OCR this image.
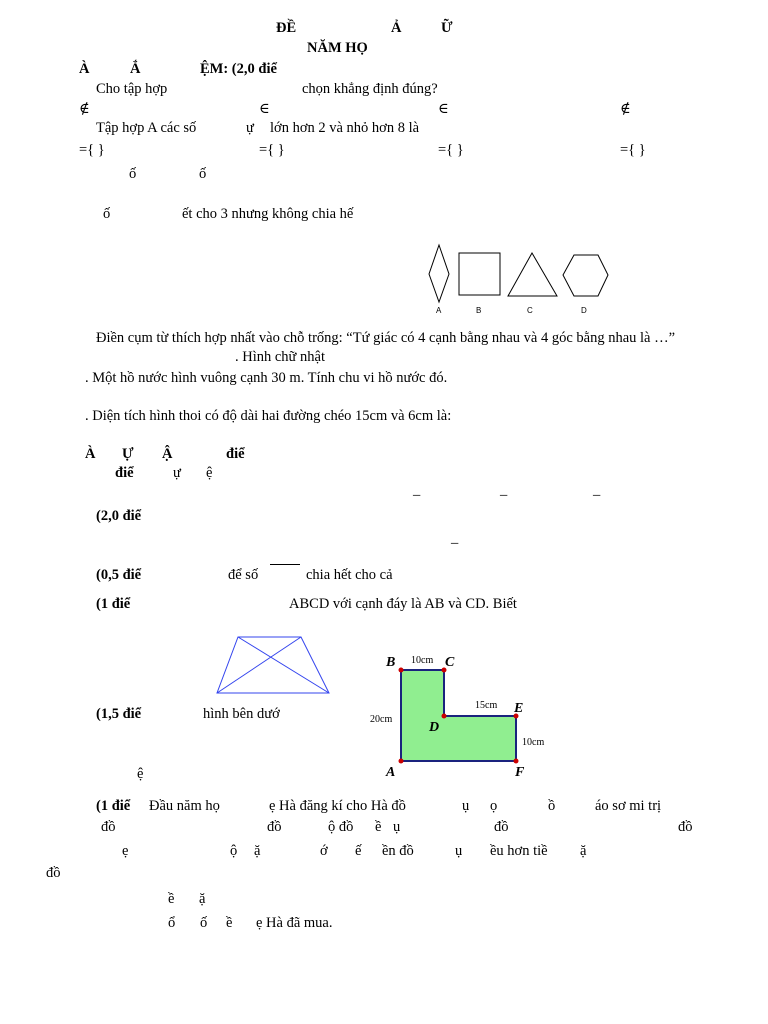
ĐỀ	Ả	Ữ
NĂM HỌ
À	Ắ	ỆM: (2,0 điể
Cho tập hợp	chọn khẳng định đúng?
∉	∈	∈	∉
Tập hợp A các số	ự lớn hơn 2 và nhỏ hơn 8 là
={ }	={ }	={ }	={ }
ố	ố
ố	ết cho 3 nhưng không chia hế
A	B	C	D
Điền cụm từ thích hợp nhất vào chỗ trống: “Tứ giác có 4 cạnh bằng nhau và 4 góc bằng nhau là …”
. Hình chữ nhật
. Một hồ nước hình vuông cạnh 30 m. Tính chu vi hồ nước đó.
. Diện tích hình thoi có độ dài hai đường chéo 15cm và 6cm là:
À Ự Ậ	điể
điể	ự ệ
–	–	–
(2,0 điể
–
(0,5 điể	để số	chia hết cho cả
(1 điể	ABCD với cạnh đáy là AB và CD. Biết
B	C
D
E
A	F
10cm
15cm
20cm
10cm
(1,5 điể	hình bên dướ
ệ
(1 điể Đầu năm họ	ẹ Hà đăng kí cho Hà đồ	ụ ọ	ồ	áo sơ mi trị
đồ	đồ	ộ đồ ề ụ	đồ	đồ
ẹ	ộ ặ	ớ ế ền đồ	ụ ều hơn tiề ặ
đồ
ề ặ
ổ ố ề ẹ Hà đã mua.
